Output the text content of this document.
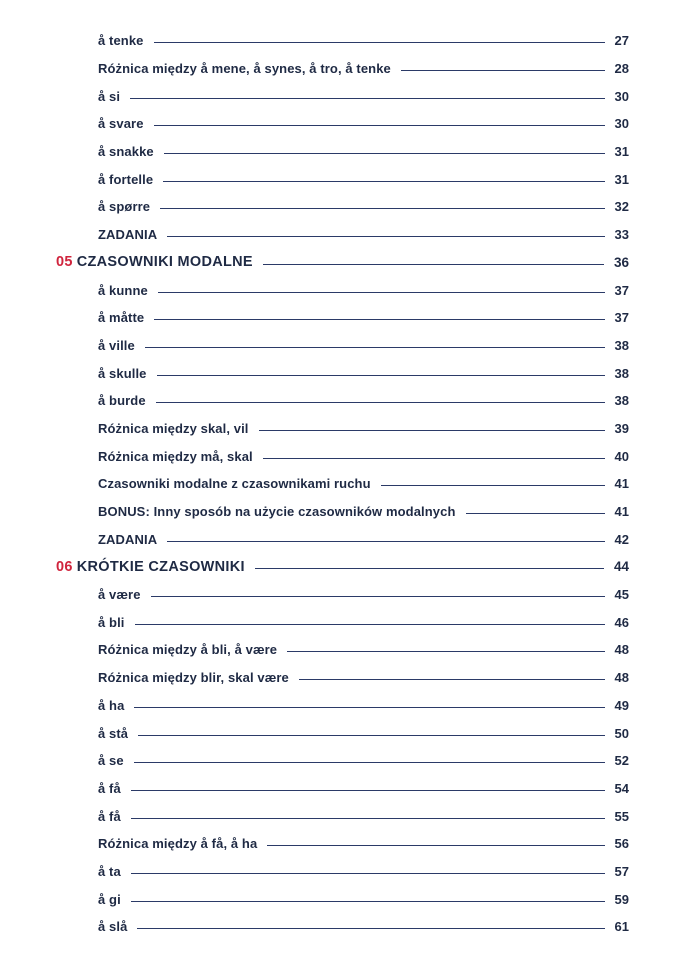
å tenke	27
Różnica między å mene, å synes, å tro, å tenke	28
å si	30
å svare	30
å snakke	31
å fortelle	31
å spørre	32
ZADANIA	33
05 CZASOWNIKI MODALNE	36
å kunne	37
å måtte	37
å ville	38
å skulle	38
å burde	38
Różnica między skal, vil	39
Różnica między må, skal	40
Czasowniki modalne z czasownikami ruchu	41
BONUS: Inny sposób na użycie czasowników modalnych	41
ZADANIA	42
06 KRÓTKIE CZASOWNIKI	44
å være	45
å bli	46
Różnica między å bli, å være	48
Różnica między blir, skal være	48
å ha	49
å stå	50
å se	52
å få	54
å få	55
Różnica między å få, å ha	56
å ta	57
å gi	59
å slå	61
